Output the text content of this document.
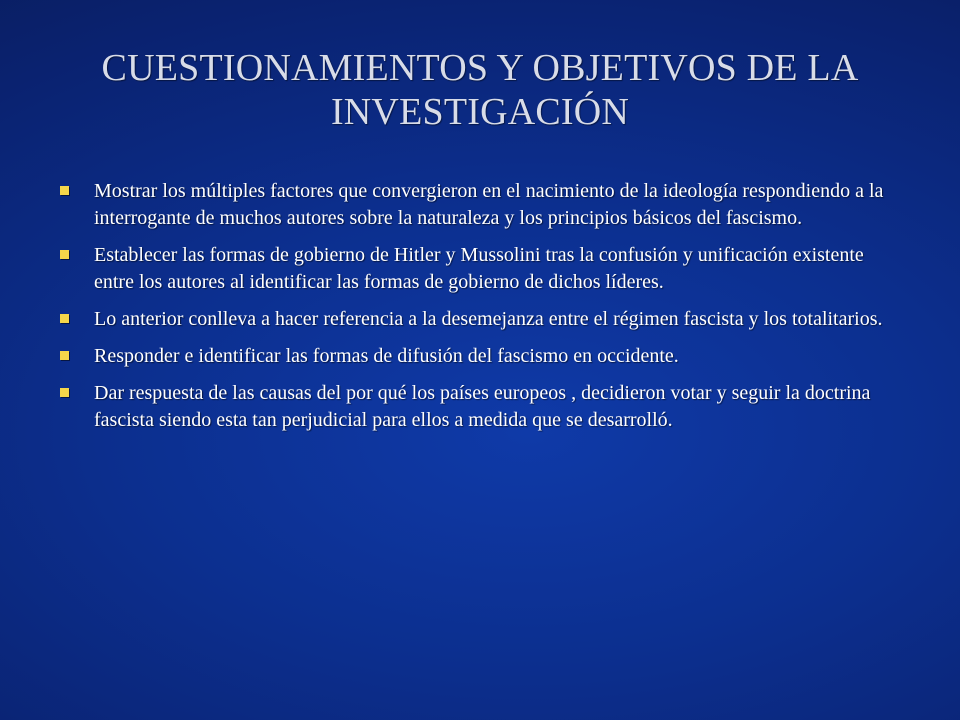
CUESTIONAMIENTOS Y OBJETIVOS DE LA INVESTIGACIÓN
Mostrar los múltiples factores que convergieron en el nacimiento de la ideología respondiendo a la interrogante de muchos autores sobre la naturaleza y los principios básicos del fascismo.
Establecer las formas de gobierno de Hitler y Mussolini tras la confusión y unificación existente entre los autores al identificar las formas de gobierno de dichos líderes.
Lo anterior conlleva a hacer referencia a la desemejanza entre el régimen fascista y los totalitarios.
Responder e identificar las formas de difusión del fascismo en occidente.
Dar respuesta de las causas del por qué los países europeos , decidieron votar y seguir la doctrina fascista siendo esta tan perjudicial para ellos a medida que se desarrolló.
